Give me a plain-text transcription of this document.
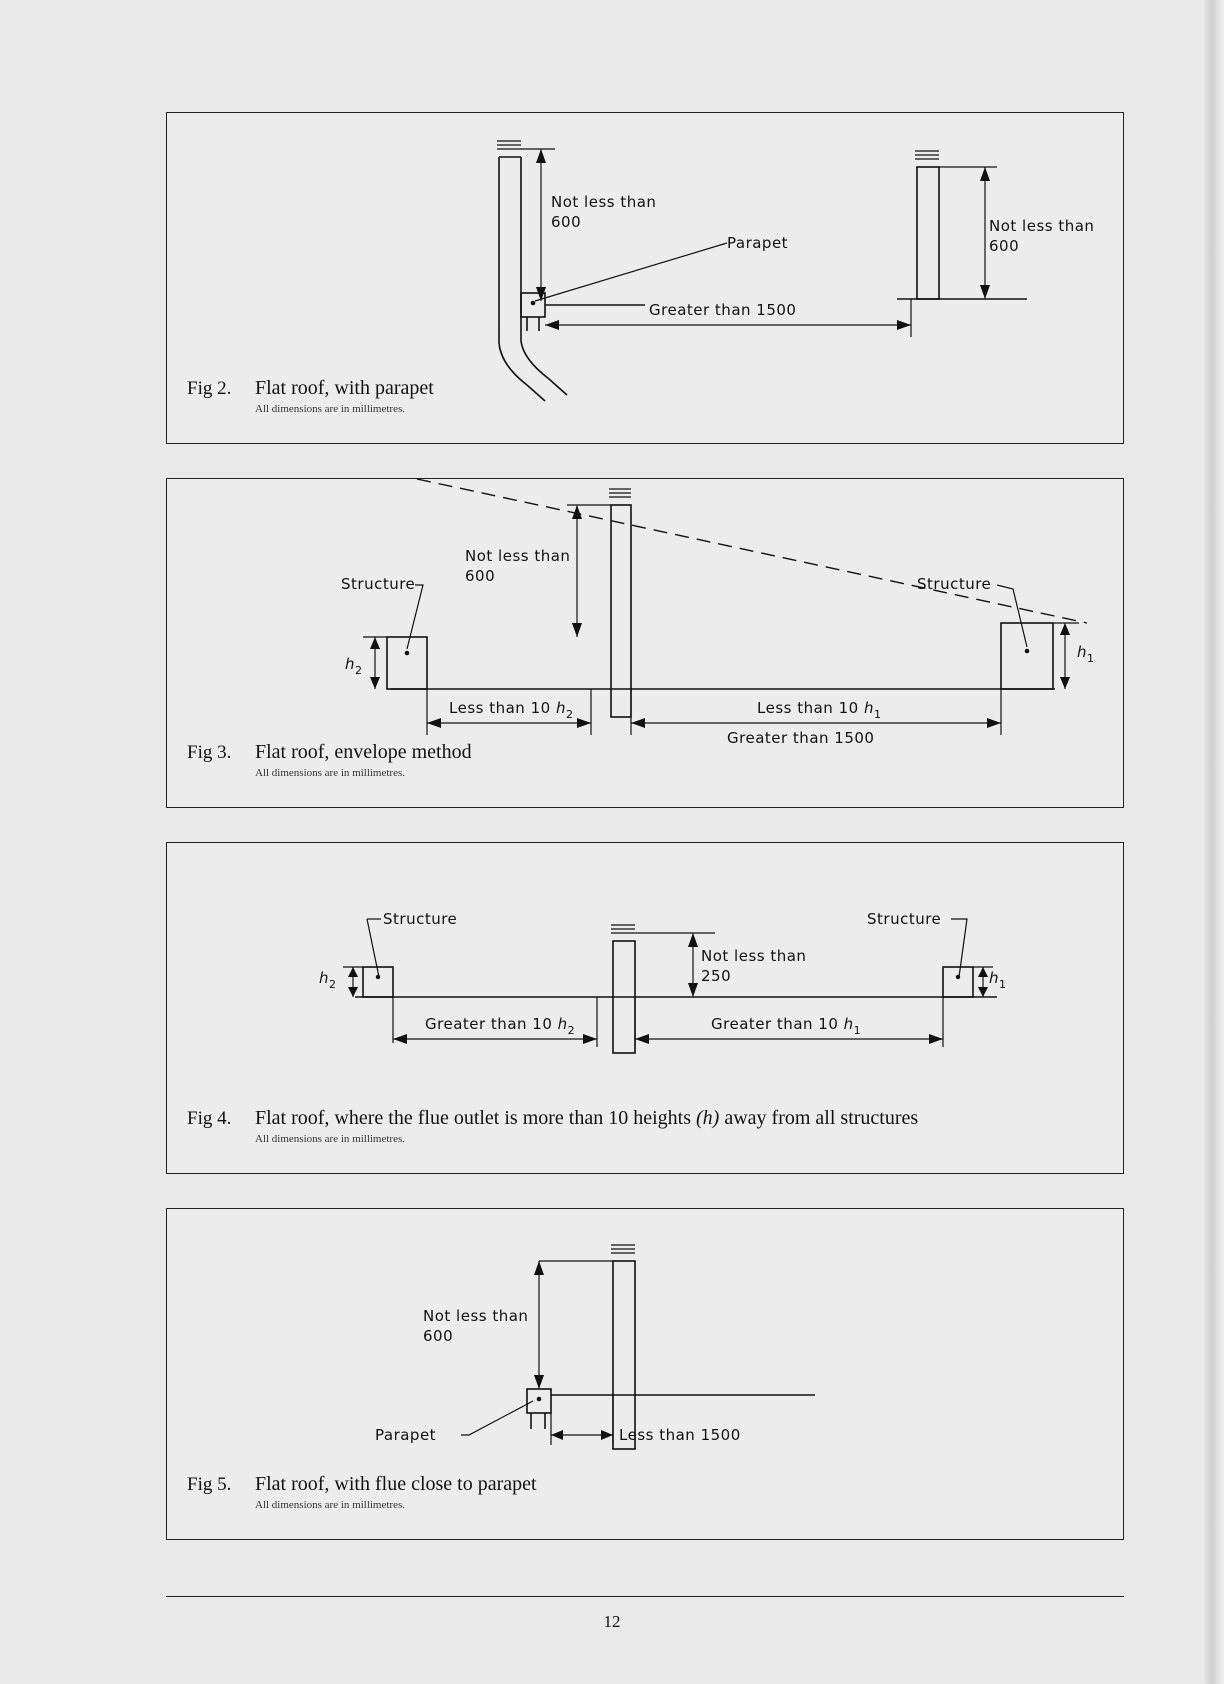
Not less than
600
Parapet
Not less than
600
Greater than 1500
Fig 2. Flat roof, with parapet
All dimensions are in millimetres.
Not less than
600
$h_2$
Structure
$h_1$
Structure
Less than 10 $h_2$	Less than 10 $h_1$
Greater than 1500
Fig 3. Flat roof, envelope method
All dimensions are in millimetres.
Not less than
250
$h_2$
Structure
$h_1$
Structure
Greater than 10 $h_2$	Greater than 10 $h_1$
Fig 4. Flat roof, where the flue outlet is more than 10 heights (h) away from all structures
All dimensions are in millimetres.
Not less than
600
Parapet	Less than 1500
Fig 5. Flat roof, with flue close to parapet
All dimensions are in millimetres.
12
